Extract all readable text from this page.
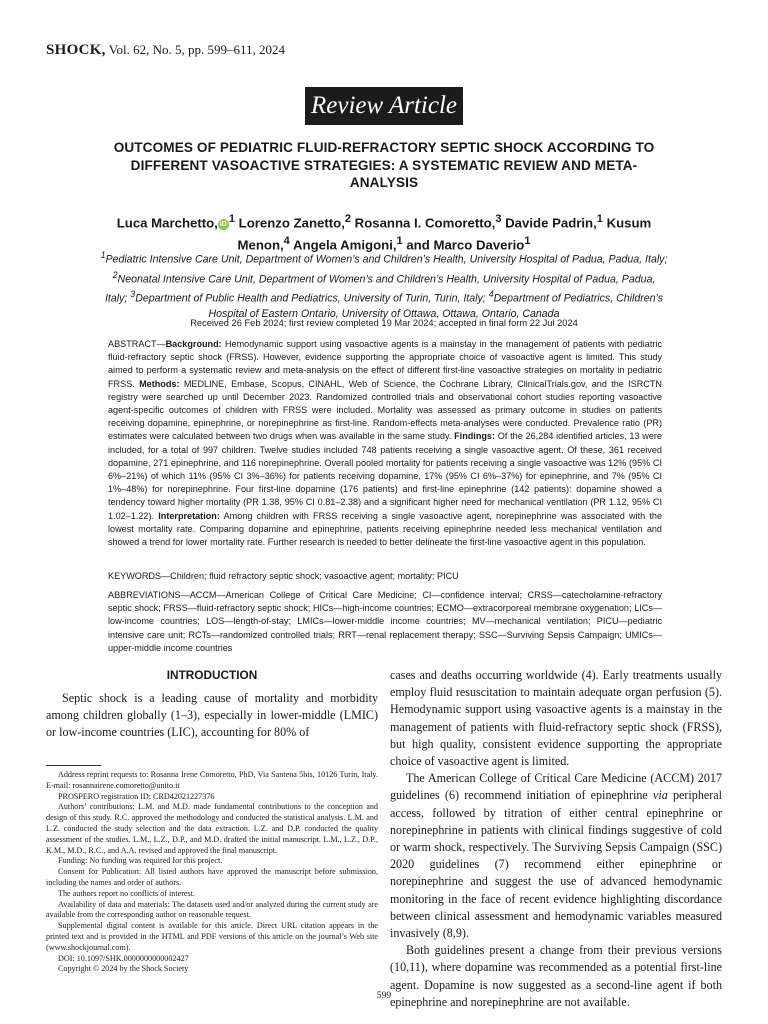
SHOCK, Vol. 62, No. 5, pp. 599–611, 2024
Review Article
OUTCOMES OF PEDIATRIC FLUID-REFRACTORY SEPTIC SHOCK ACCORDING TO DIFFERENT VASOACTIVE STRATEGIES: A SYSTEMATIC REVIEW AND META-ANALYSIS
Luca Marchetto, iD $^1$ Lorenzo Zanetto,$^2$ Rosanna I. Comoretto,$^3$ Davide Padrin,$^1$ Kusum Menon,$^4$ Angela Amigoni,$^1$ and Marco Daverio$^1$
$^1$Pediatric Intensive Care Unit, Department of Women’s and Children’s Health, University Hospital of Padua, Padua, Italy; $^2$Neonatal Intensive Care Unit, Department of Women’s and Children’s Health, University Hospital of Padua, Padua, Italy; $^3$Department of Public Health and Pediatrics, University of Turin, Turin, Italy; $^4$Department of Pediatrics, Children’s Hospital of Eastern Ontario, University of Ottawa, Ottawa, Ontario, Canada
Received 26 Feb 2024; first review completed 19 Mar 2024; accepted in final form 22 Jul 2024
ABSTRACT—Background: Hemodynamic support using vasoactive agents is a mainstay in the management of patients with pediatric fluid-refractory septic shock (FRSS). However, evidence supporting the appropriate choice of vasoactive agent is limited. This study aimed to perform a systematic review and meta-analysis on the effect of different first-line vasoactive strategies on mortality in pediatric FRSS. Methods: MEDLINE, Embase, Scopus, CINAHL, Web of Science, the Cochrane Library, ClinicalTrials.gov, and the ISRCTN registry were searched up until December 2023. Randomized controlled trials and observational cohort studies reporting vasoactive agent-specific outcomes of children with FRSS were included. Mortality was assessed as primary outcome in studies on patients receiving dopamine, epinephrine, or norepinephrine as first-line. Random-effects meta-analyses were conducted. Prevalence ratio (PR) estimates were calculated between two drugs when was available in the same study. Findings: Of the 26,284 identified articles, 13 were included, for a total of 997 children. Twelve studies included 748 patients receiving a single vasoactive agent. Of these, 361 received dopamine, 271 epinephrine, and 116 norepinephrine. Overall pooled mortality for patients receiving a single vasoactive was 12% (95% CI 6%–21%) of which 11% (95% CI 3%–36%) for patients receiving dopamine, 17% (95% CI 6%–37%) for epinephrine, and 7% (95% CI 1%–48%) for norepinephrine. Four first-line dopamine (176 patients) and first-line epinephrine (142 patients): dopamine showed a tendency toward higher mortality (PR 1.38, 95% CI 0.81–2.38) and a significant higher need for mechanical ventilation (PR 1.12, 95% CI 1.02–1.22). Interpretation: Among children with FRSS receiving a single vasoactive agent, norepinephrine was associated with the lowest mortality rate. Comparing dopamine and epinephrine, patients receiving epinephrine needed less mechanical ventilation and showed a trend for lower mortality rate. Further research is needed to better delineate the first-line vasoactive agent in this population.
KEYWORDS—Children; fluid refractory septic shock; vasoactive agent; mortality; PICU
ABBREVIATIONS—ACCM—American College of Critical Care Medicine; CI—confidence interval; CRSS—catecholamine-refractory septic shock; FRSS—fluid-refractory septic shock; HICs—high-income countries; ECMO—extracorporeal membrane oxygenation; LICs—low-income countries; LOS—length-of-stay; LMICs—lower-middle income countries; MV—mechanical ventilation; PICU—pediatric intensive care unit; RCTs—randomized controlled trials; RRT—renal replacement therapy; SSC—Surviving Sepsis Campaign; UMICs—upper-middle income countries
INTRODUCTION

Septic shock is a leading cause of mortality and morbidity among children globally (1–3), especially in lower-middle (LMIC) or low-income countries (LIC), accounting for 80% of

Address reprint requests to: Rosanna Irene Comoretto, PhD, Via Santena 5bis, 10126 Turin, Italy. E-mail: rosannairene.comoretto@unito.it
PROSPERO registration ID: CRD42021227376
Authors’ contributions: L.M. and M.D. made fundamental contributions to the conception and design of this study. R.C. approved the methodology and conducted the statistical analysis. L.M. and L.Z. conducted the study selection and the data extraction. L.Z. and D.P. conducted the quality assessment of the studies. L.M., L.Z., D.P., and M.D. drafted the initial manuscript. L.M., L.Z., D.P., K.M., M.D., R.C., and A.A. revised and approved the final manuscript.
Funding: No funding was required for this project.
Consent for Publication: All listed authors have approved the manuscript before submission, including the names and order of authors.
The authors report no conflicts of interest.
Availability of data and materials: The datasets used and/or analyzed during the current study are available from the corresponding author on reasonable request.
Supplemental digital content is available for this article. Direct URL citation appears in the printed text and is provided in the HTML and PDF versions of this article on the journal’s Web site (www.shockjournal.com).
DOI: 10.1097/SHK.0000000000002427
Copyright © 2024 by the Shock Society

cases and deaths occurring worldwide (4). Early treatments usually employ fluid resuscitation to maintain adequate organ perfusion (5). Hemodynamic support using vasoactive agents is a mainstay in the management of patients with fluid-refractory septic shock (FRSS), but high quality, consistent evidence supporting the appropriate choice of vasoactive agent is limited.

The American College of Critical Care Medicine (ACCM) 2017 guidelines (6) recommend initiation of epinephrine via peripheral access, followed by titration of either central epinephrine or norepinephrine in patients with clinical findings suggestive of cold or warm shock, respectively. The Surviving Sepsis Campaign (SSC) 2020 guidelines (7) recommend either epinephrine or norepinephrine and suggest the use of advanced hemodynamic monitoring in the face of recent evidence highlighting discordance between clinical assessment and hemodynamic variables measured invasively (8,9).

Both guidelines present a change from their previous versions (10,11), where dopamine was recommended as a potential first-line agent. Dopamine is now suggested as a second-line agent if both epinephrine and norepinephrine are not available.

599
